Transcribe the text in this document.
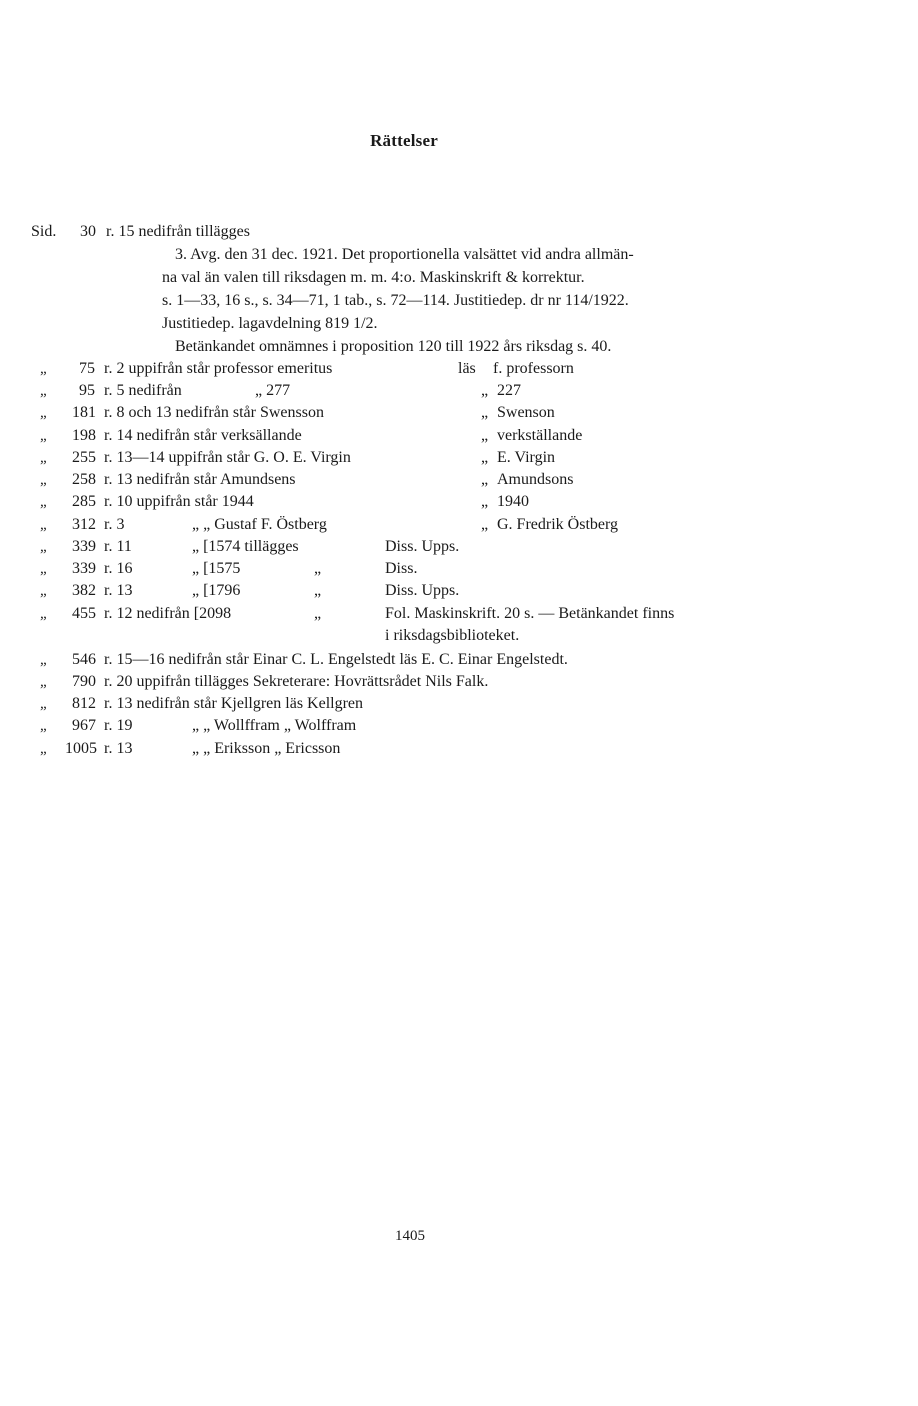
Rättelser
Sid. 30 r. 15 nedifrån tillägges
3. Avg. den 31 dec. 1921. Det proportionella valsättet vid andra allmän-
na val än valen till riksdagen m. m. 4:o. Maskinskrift & korrektur.
s. 1—33, 16 s., s. 34—71, 1 tab., s. 72—114. Justitiedep. dr nr 114/1922.
Justitiedep. lagavdelning 819 1/2.
Betänkandet omnämnes i proposition 120 till 1922 års riksdag s. 40.
„ 75 r. 2 uppifrån står professor emeritus	läs f. professorn
„ 95 r. 5 nedifrån	„ 277	„ 227
„ 181 r. 8 och 13 nedifrån står Swensson	„ Swenson
„ 198 r. 14 nedifrån står verksällande	„ verkställande
„ 255 r. 13—14 uppifrån står G. O. E. Virgin	„ E. Virgin
„ 258 r. 13 nedifrån står Amundsens	„ Amundsons
„ 285 r. 10 uppifrån står 1944	„ 1940
„ 312 r. 3	„ „ Gustaf F. Östberg	„ G. Fredrik Östberg
„ 339 r. 11	„ [1574 tillägges	Diss. Upps.
„ 339 r. 16	„ [1575	„	Diss.
„ 382 r. 13	„ [1796	„	Diss. Upps.
„ 455 r. 12 nedifrån [2098	„	Fol. Maskinskrift. 20 s. — Betänkandet finns
i riksdagsbiblioteket.
„ 546 r. 15—16 nedifrån står Einar C. L. Engelstedt läs E. C. Einar Engelstedt.
„ 790 r. 20 uppifrån tillägges Sekreterare: Hovrättsrådet Nils Falk.
„ 812 r. 13 nedifrån står Kjellgren läs Kellgren
„ 967 r. 19	„ „ Wollffram „ Wolffram
„ 1005 r. 13	„ „ Eriksson „ Ericsson
1405
